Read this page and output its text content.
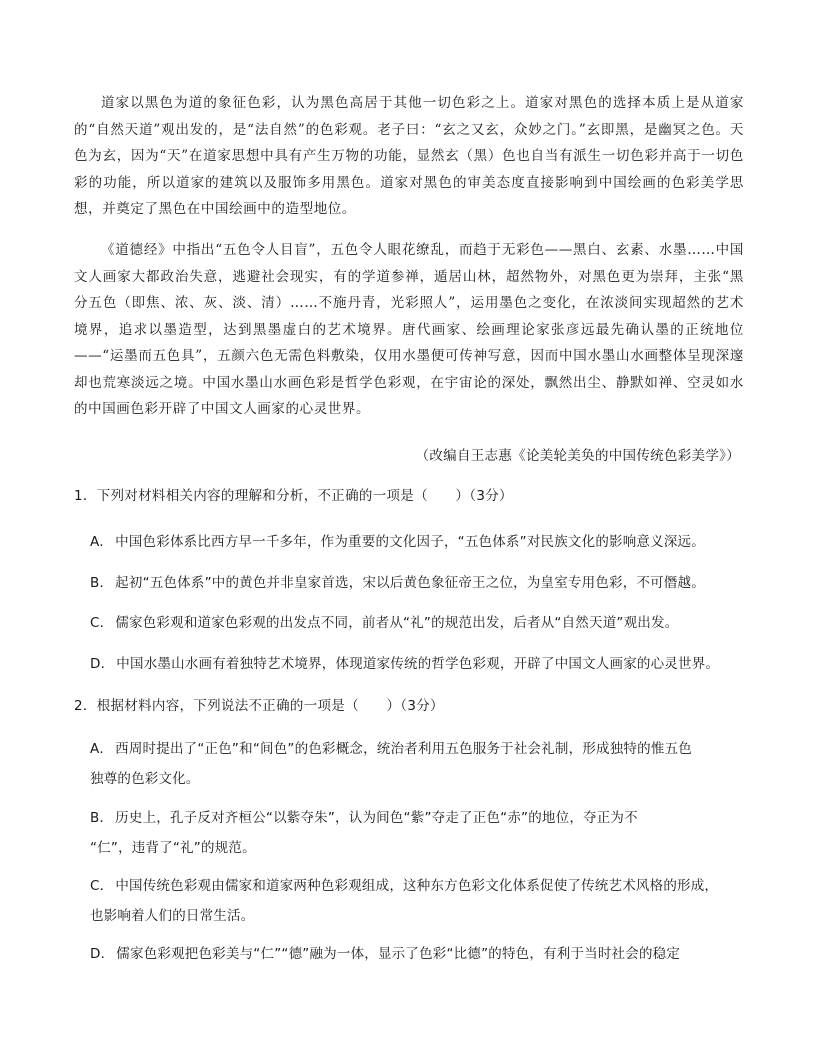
道家以黑色为道的象征色彩，认为黑色高居于其他一切色彩之上。道家对黑色的选择本质上是从道家的“自然天道”观出发的，是“法自然”的色彩观。老子曰：“玄之又玄，众妙之门。”玄即黑，是幽冥之色。天色为玄，因为“天”在道家思想中具有产生万物的功能，显然玄（黑）色也自当有派生一切色彩并高于一切色彩的功能，所以道家的建筑以及服饰多用黑色。道家对黑色的审美态度直接影响到中国绘画的色彩美学思想，并奠定了黑色在中国绘画中的造型地位。

《道德经》中指出“五色令人目盲”，五色令人眼花缭乱，而趋于无彩色——黑白、玄素、水墨……中国文人画家大都政治失意，逃避社会现实，有的学道参禅，遁居山林，超然物外，对黑色更为崇拜，主张“黑分五色（即焦、浓、灰、淡、清）……不施丹青，光彩照人”，运用墨色之变化，在浓淡间实现超然的艺术境界，追求以墨造型，达到黑墨虚白的艺术境界。唐代画家、绘画理论家张彦远最先确认墨的正统地位——“运墨而五色具”，五颜六色无需色料敷染，仅用水墨便可传神写意，因而中国水墨山水画整体呈现深邃却也荒寒淡远之境。中国水墨山水画色彩是哲学色彩观，在宇宙论的深处，飘然出尘、静默如禅、空灵如水的中国画色彩开辟了中国文人画家的心灵世界。

（改编自王志惠《论美轮美奂的中国传统色彩美学》）
1．下列对材料相关内容的理解和分析，不正确的一项是（　　）（3分）
A． 中国色彩体系比西方早一千多年，作为重要的文化因子，“五色体系”对民族文化的影响意义深远。
B． 起初“五色体系”中的黄色并非皇家首选，宋以后黄色象征帝王之位，为皇室专用色彩，不可僭越。
C． 儒家色彩观和道家色彩观的出发点不同，前者从“礼”的规范出发，后者从“自然天道”观出发。
D． 中国水墨山水画有着独特艺术境界，体现道家传统的哲学色彩观，开辟了中国文人画家的心灵世界。
2．根据材料内容，下列说法不正确的一项是（　　）（3分）
A． 西周时提出了“正色”和“间色”的色彩概念，统治者利用五色服务于社会礼制，形成独特的惟五色
独尊的色彩文化。
B． 历史上，孔子反对齐桓公“以紫夺朱”，认为间色“紫”夺走了正色“赤”的地位，夺正为不
“仁”，违背了“礼”的规范。
C． 中国传统色彩观由儒家和道家两种色彩观组成，这种东方色彩文化体系促使了传统艺术风格的形成，
也影响着人们的日常生活。
D． 儒家色彩观把色彩美与“仁”“德”融为一体，显示了色彩“比德”的特色，有利于当时社会的稳定
